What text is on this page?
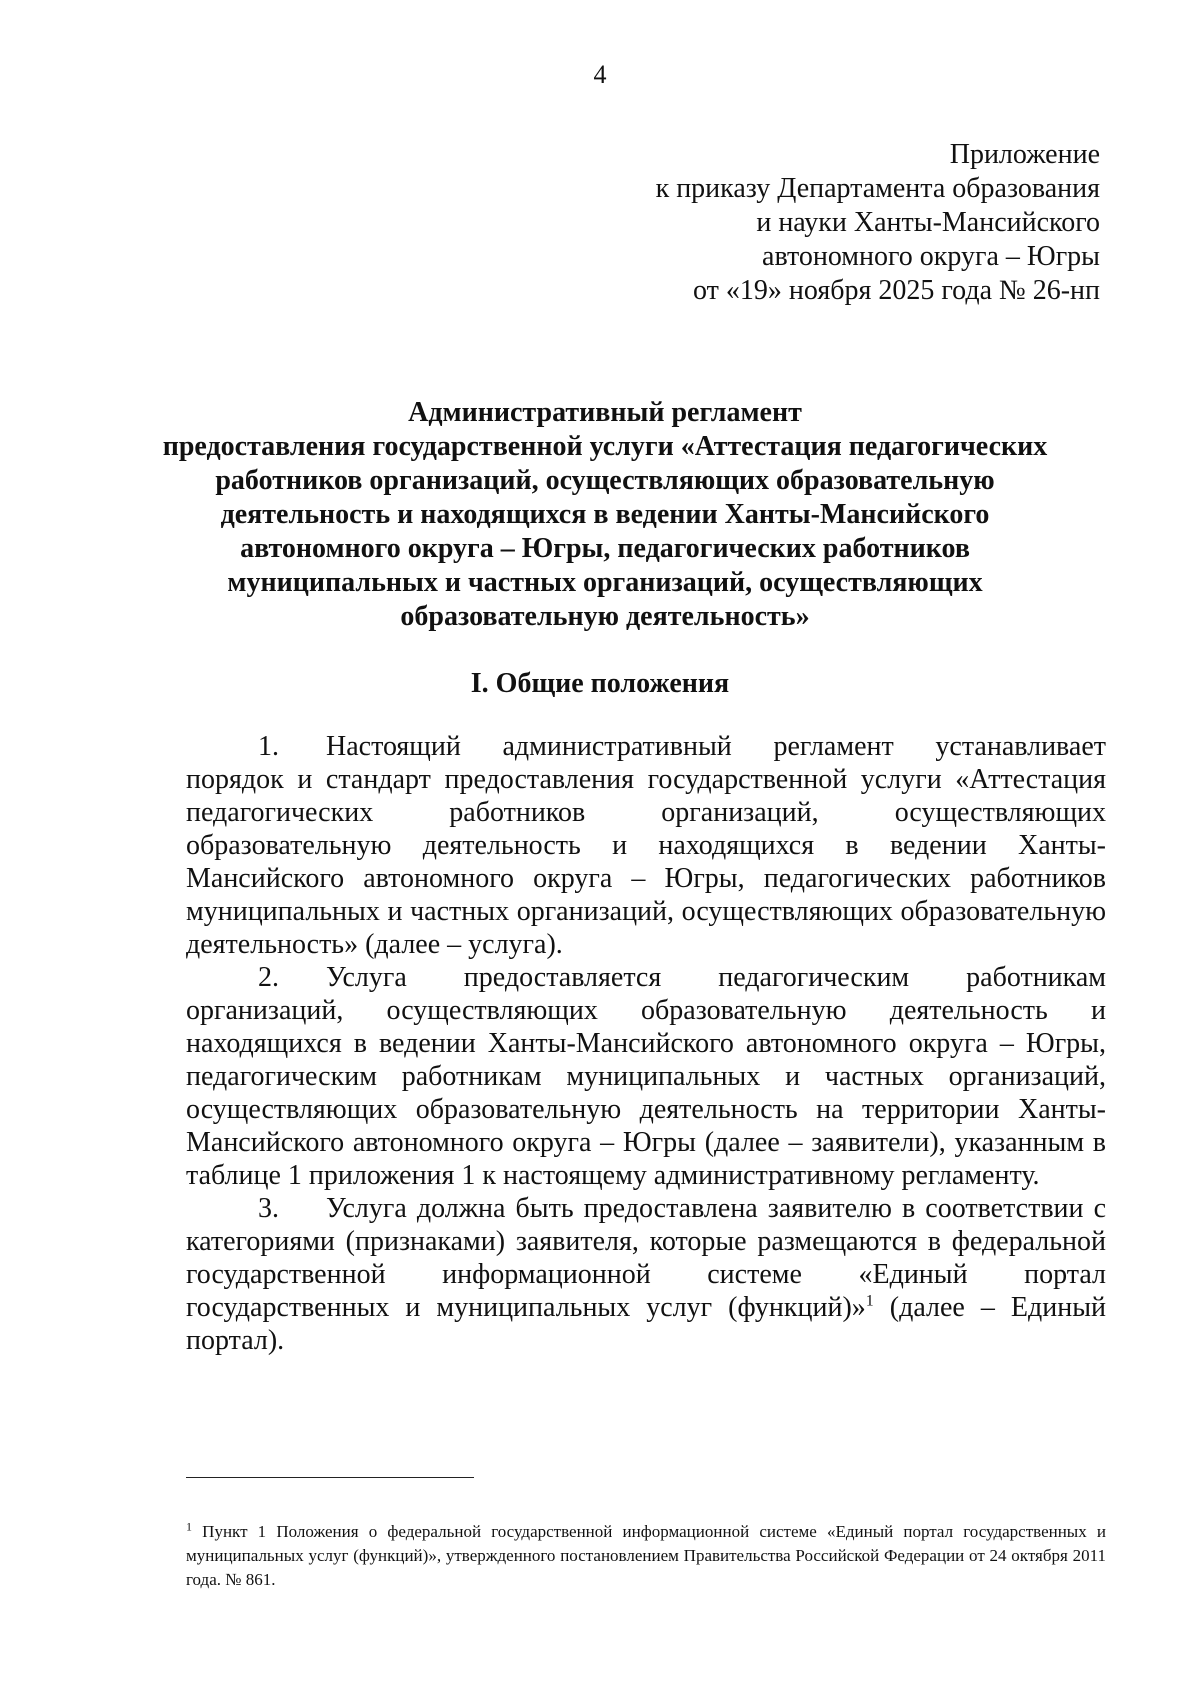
4
Приложение
к приказу Департамента образования
и науки Ханты-Мансийского
автономного округа – Югры
от «19» ноября 2025 года № 26-нп
Административный регламент
предоставления государственной услуги «Аттестация педагогических
работников организаций, осуществляющих образовательную
деятельность и находящихся в ведении Ханты-Мансийского
автономного округа – Югры, педагогических работников
муниципальных и частных организаций, осуществляющих
образовательную деятельность»
I. Общие положения

1. Настоящий административный регламент устанавливает порядок и стандарт предоставления государственной услуги «Аттестация педагогических работников организаций, осуществляющих образовательную деятельность и находящихся в ведении Ханты-Мансийского автономного округа – Югры, педагогических работников муниципальных и частных организаций, осуществляющих образовательную деятельность» (далее – услуга).

2. Услуга предоставляется педагогическим работникам организаций, осуществляющих образовательную деятельность и находящихся в ведении Ханты-Мансийского автономного округа – Югры, педагогическим работникам муниципальных и частных организаций, осуществляющих образовательную деятельность на территории Ханты-Мансийского автономного округа – Югры (далее – заявители), указанным в таблице 1 приложения 1 к настоящему административному регламенту.

3. Услуга должна быть предоставлена заявителю в соответствии с категориями (признаками) заявителя, которые размещаются в федеральной государственной информационной системе «Единый портал государственных и муниципальных услуг (функций)»$^1$ (далее – Единый портал).

$^1$ Пункт 1 Положения о федеральной государственной информационной системе «Единый портал государственных и муниципальных услуг (функций)», утвержденного постановлением Правительства Российской Федерации от 24 октября 2011 года. № 861.
